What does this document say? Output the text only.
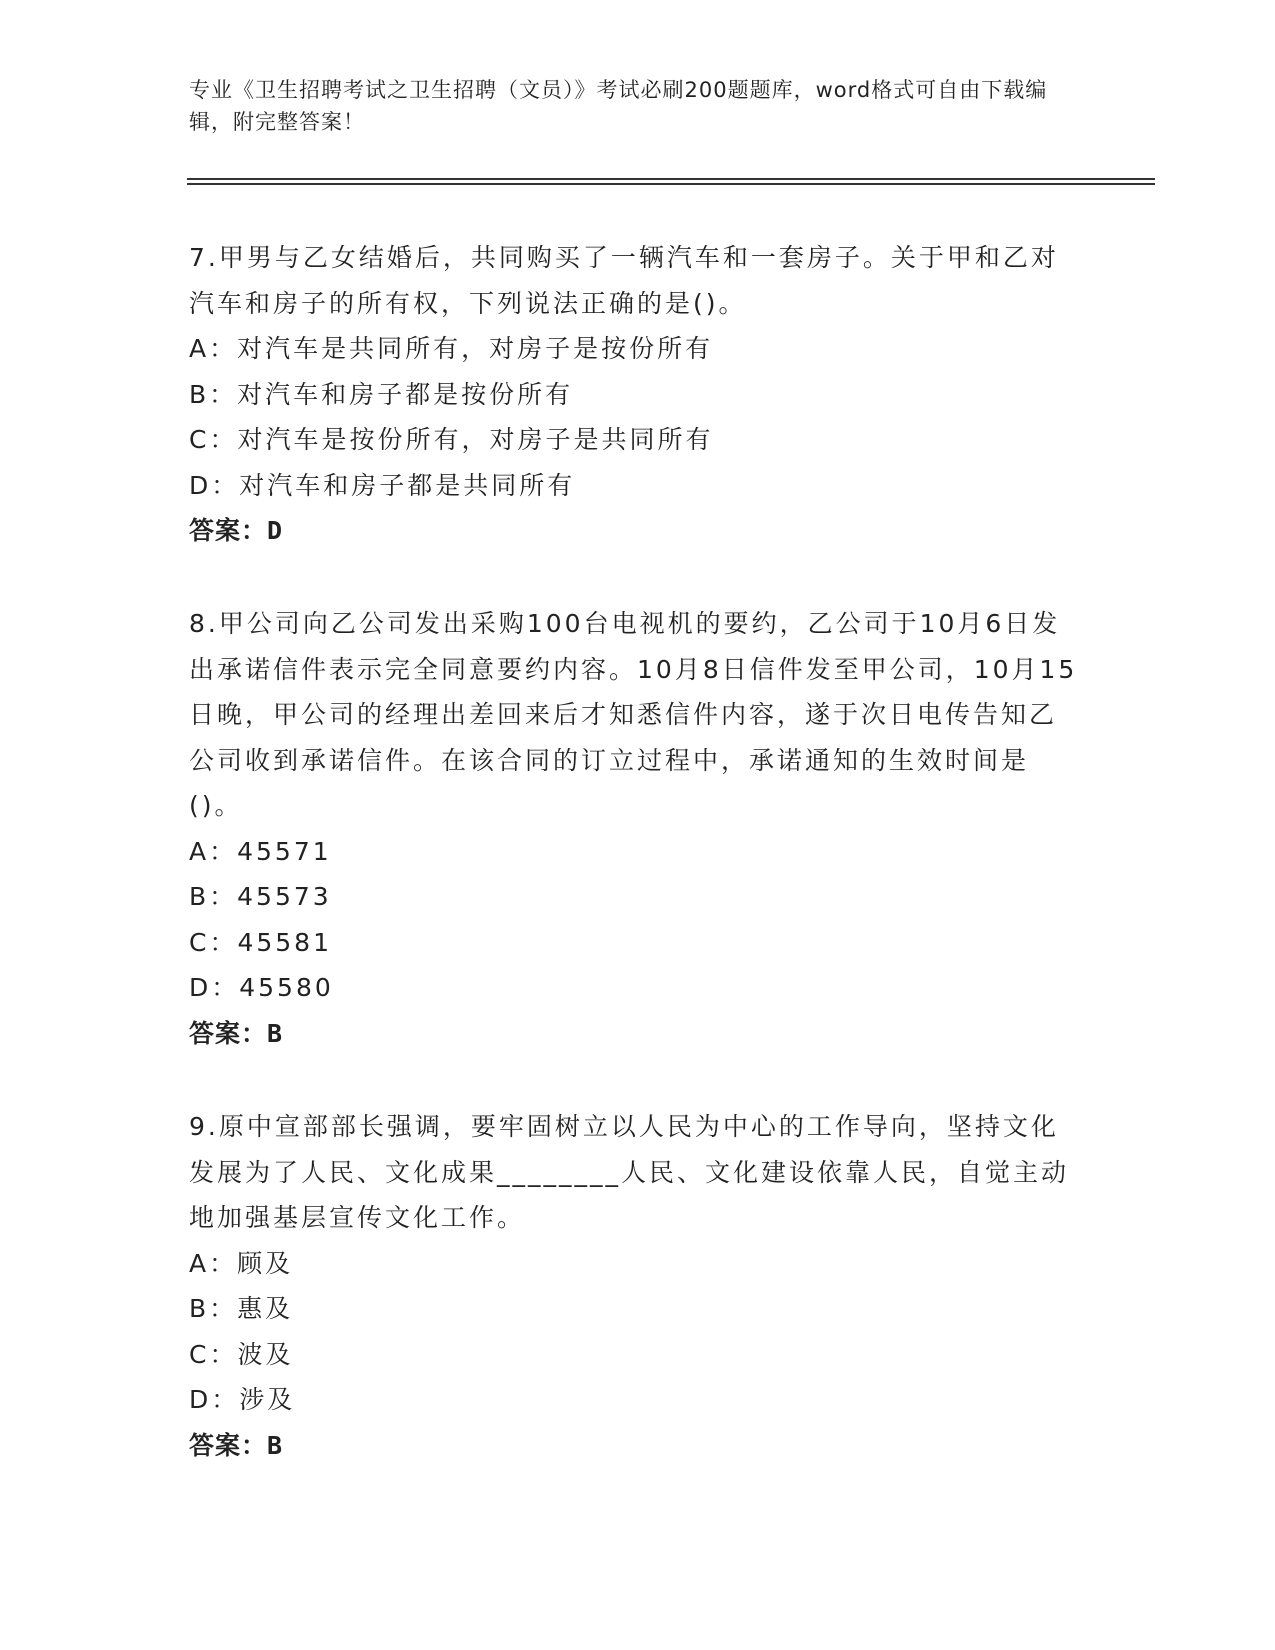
专业《卫生招聘考试之卫生招聘（文员）》考试必刷200题题库，word格式可自由下载编辑，附完整答案！

7.甲男与乙女结婚后，共同购买了一辆汽车和一套房子。关于甲和乙对汽车和房子的所有权，下列说法正确的是()。

A：对汽车是共同所有，对房子是按份所有

B：对汽车和房子都是按份所有

C：对汽车是按份所有，对房子是共同所有

D：对汽车和房子都是共同所有

答案：D

8.甲公司向乙公司发出采购100台电视机的要约，乙公司于10月6日发出承诺信件表示完全同意要约内容。10月8日信件发至甲公司，10月15日晚，甲公司的经理出差回来后才知悉信件内容，遂于次日电传告知乙公司收到承诺信件。在该合同的订立过程中，承诺通知的生效时间是()。

A：45571

B：45573

C：45581

D：45580

答案：B

9.原中宣部部长强调，要牢固树立以人民为中心的工作导向，坚持文化发展为了人民、文化成果________人民、文化建设依靠人民，自觉主动地加强基层宣传文化工作。

A：顾及

B：惠及

C：波及

D：涉及

答案：B
